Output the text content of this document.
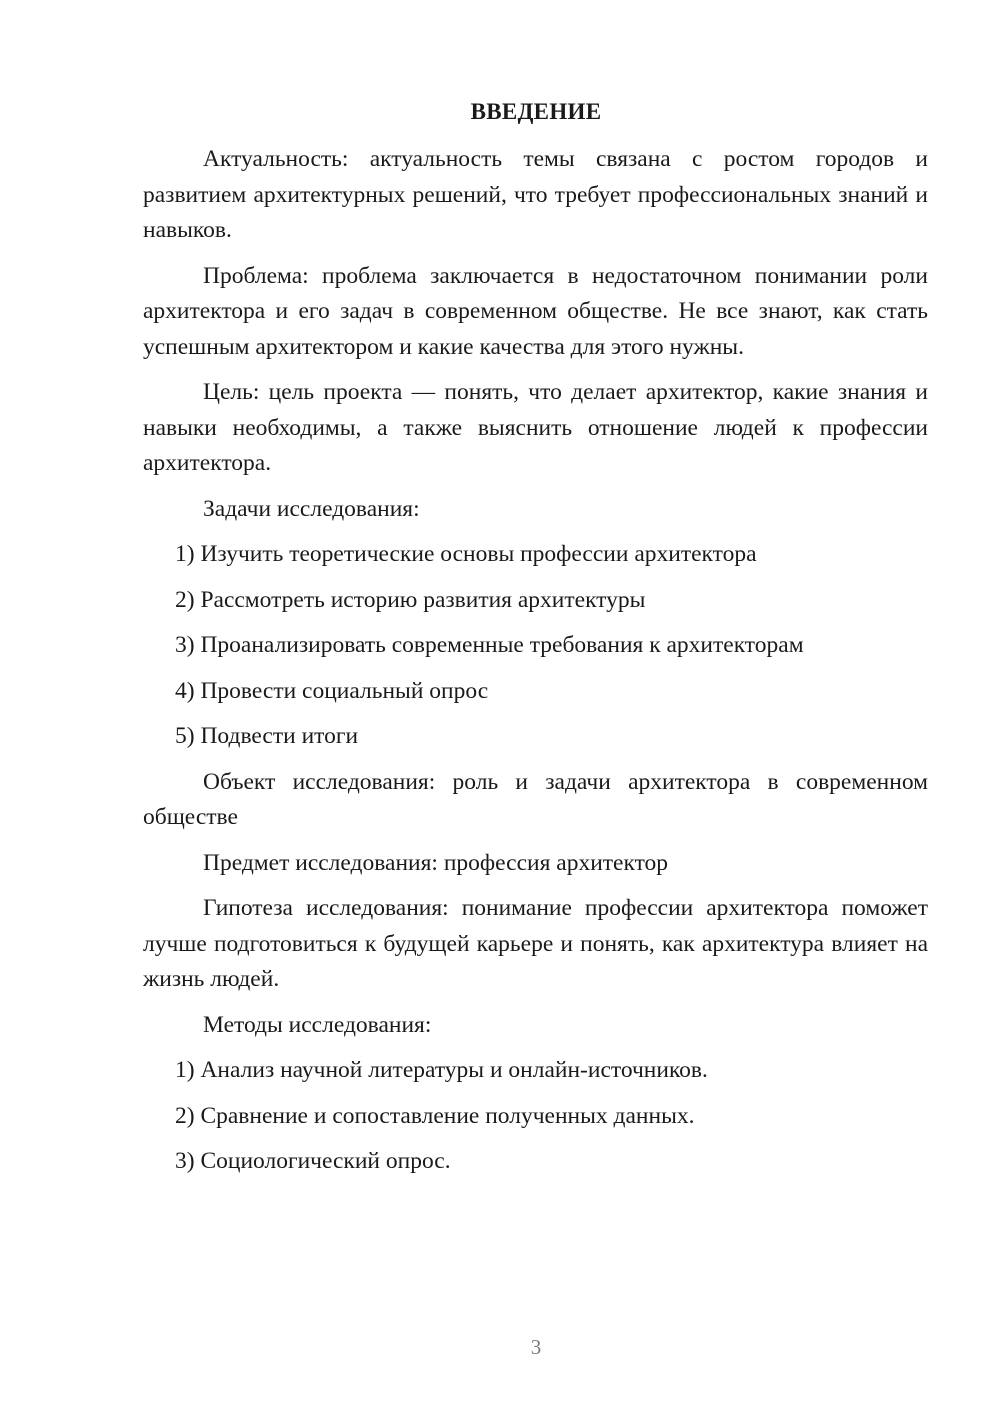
ВВЕДЕНИЕ

Актуальность: актуальность темы связана с ростом городов и развитием архитектурных решений, что требует профессиональных знаний и навыков.

Проблема: проблема заключается в недостаточном понимании роли архитектора и его задач в современном обществе. Не все знают, как стать успешным архитектором и какие качества для этого нужны.

Цель: цель проекта — понять, что делает архитектор, какие знания и навыки необходимы, а также выяснить отношение людей к профессии архитектора.

Задачи исследования:

1) Изучить теоретические основы профессии архитектора

2) Рассмотреть историю развития архитектуры

3) Проанализировать современные требования к архитекторам

4) Провести социальный опрос

5) Подвести итоги

Объект исследования: роль и задачи архитектора в современном обществе

Предмет исследования: профессия архитектор

Гипотеза исследования: понимание профессии архитектора поможет лучше подготовиться к будущей карьере и понять, как архитектура влияет на жизнь людей.

Методы исследования:

1) Анализ научной литературы и онлайн-источников.

2) Сравнение и сопоставление полученных данных.

3) Социологический опрос.

3
